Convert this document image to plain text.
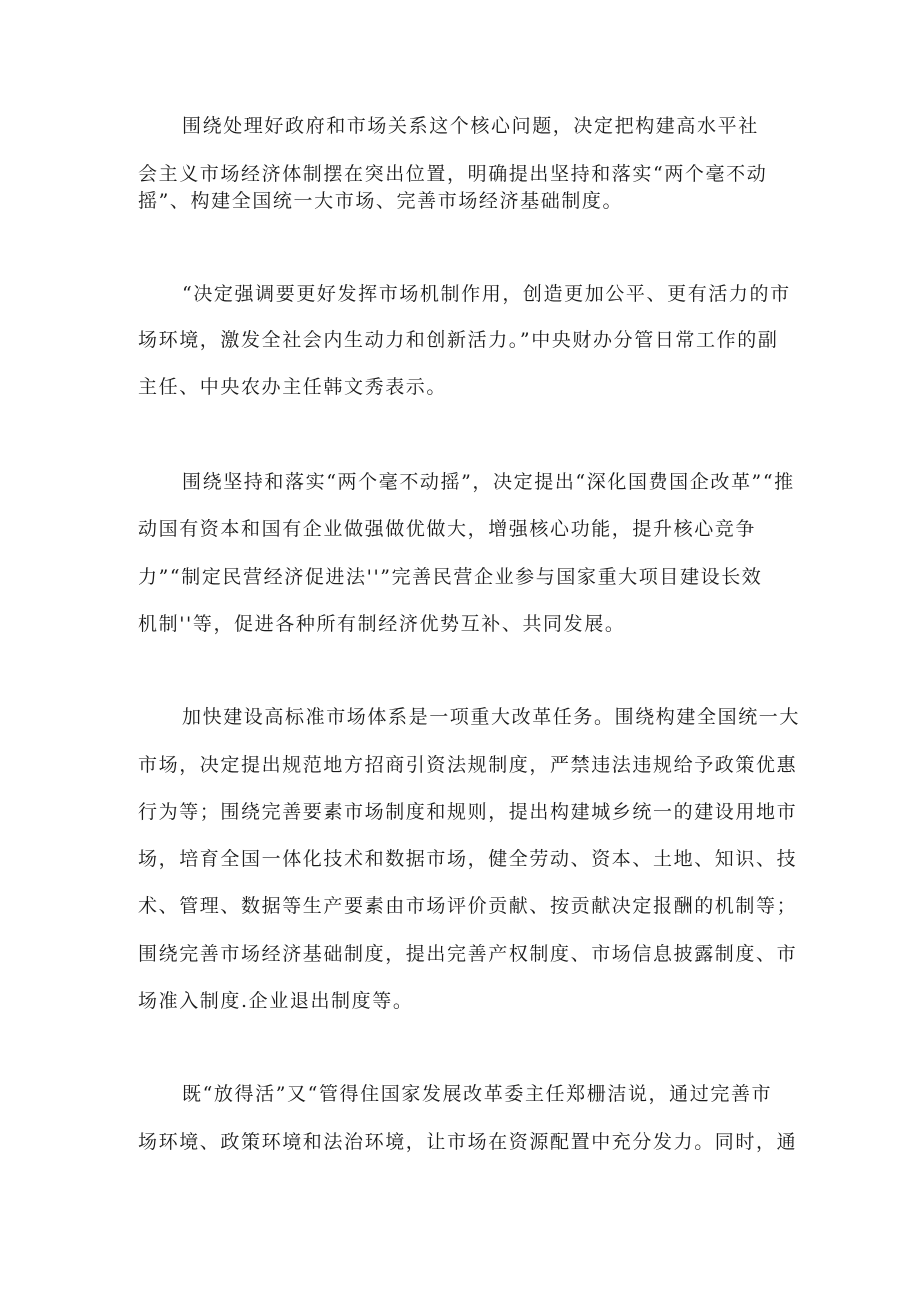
围绕处理好政府和市场关系这个核心问题，决定把构建高水平社

会主义市场经济体制摆在突出位置，明确提出坚持和落实“两个毫不动

摇”、构建全国统一大市场、完善市场经济基础制度。

“决定强调要更好发挥市场机制作用，创造更加公平、更有活力的市

场环境，激发全社会内生动力和创新活力。”中央财办分管日常工作的副

主任、中央农办主任韩文秀表示。

围绕坚持和落实“两个毫不动摇”，决定提出“深化国费国企改革”“推

动国有资本和国有企业做强做优做大，增强核心功能，提升核心竞争

力”“制定民营经济促进法''”完善民营企业参与国家重大项目建设长效

机制''等，促进各种所有制经济优势互补、共同发展。

加快建设高标准市场体系是一项重大改革任务。围绕构建全国统一大

市场，决定提出规范地方招商引资法规制度，严禁违法违规给予政策优惠

行为等；围绕完善要素市场制度和规则，提出构建城乡统一的建设用地市

场，培育全国一体化技术和数据市场，健全劳动、资本、土地、知识、技

术、管理、数据等生产要素由市场评价贡献、按贡献决定报酬的机制等；

围绕完善市场经济基础制度，提出完善产权制度、市场信息披露制度、市

场准入制度.企业退出制度等。

既“放得活”又“管得住国家发展改革委主任郑栅洁说，通过完善市

场环境、政策环境和法治环境，让市场在资源配置中充分发力。同时，通
